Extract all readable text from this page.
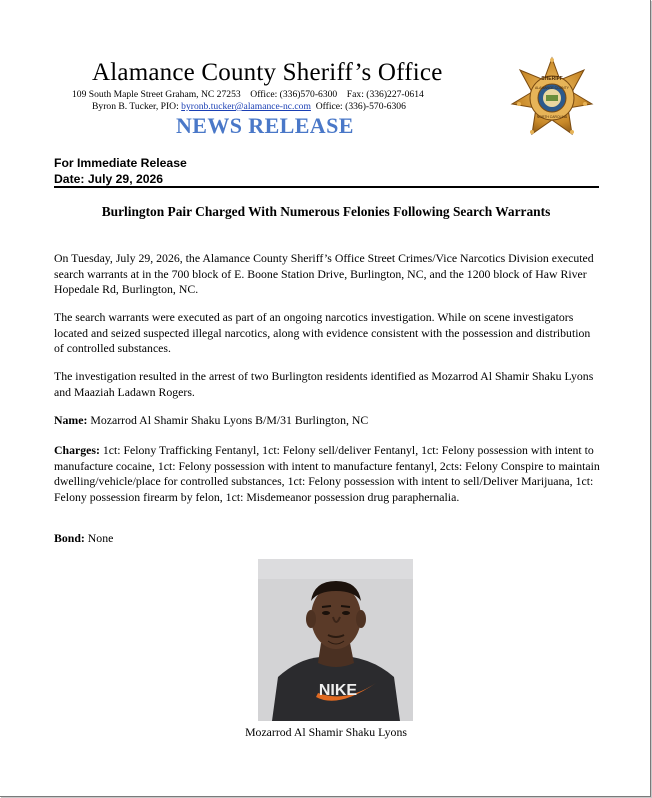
Alamance County Sheriff’s Office
109 South Maple Street Graham, NC 27253    Office: (336)570-6300    Fax: (336)227-0614
Byron B. Tucker, PIO: byronb.tucker@alamance-nc.com  Office: (336)-570-6306
NEWS RELEASE
SHERIFF
ALAMANCE COUNTY
NORTH CAROLINA
For Immediate Release
Date: July 29, 2026
Burlington Pair Charged With Numerous Felonies Following Search Warrants

On Tuesday, July 29, 2026, the Alamance County Sheriff’s Office Street Crimes/Vice Narcotics Division executed search warrants at in the 700 block of E. Boone Station Drive, Burlington, NC, and the 1200 block of Haw River Hopedale Rd, Burlington, NC.

The search warrants were executed as part of an ongoing narcotics investigation. While on scene investigators located and seized suspected illegal narcotics, along with evidence consistent with the possession and distribution of controlled substances.

The investigation resulted in the arrest of two Burlington residents identified as Mozarrod Al Shamir Shaku Lyons and Maaziah Ladawn Rogers.

Name: Mozarrod Al Shamir Shaku Lyons B/M/31 Burlington, NC

Charges: 1ct: Felony Trafficking Fentanyl, 1ct: Felony sell/deliver Fentanyl, 1ct: Felony possession with intent to manufacture cocaine, 1ct: Felony possession with intent to manufacture fentanyl, 2cts: Felony Conspire to maintain dwelling/vehicle/place for controlled substances, 1ct: Felony possession with intent to sell/Deliver Marijuana, 1ct: Felony possession firearm by felon, 1ct: Misdemeanor possession drug paraphernalia.

Bond: None

NIKE
Mozarrod Al Shamir Shaku Lyons
